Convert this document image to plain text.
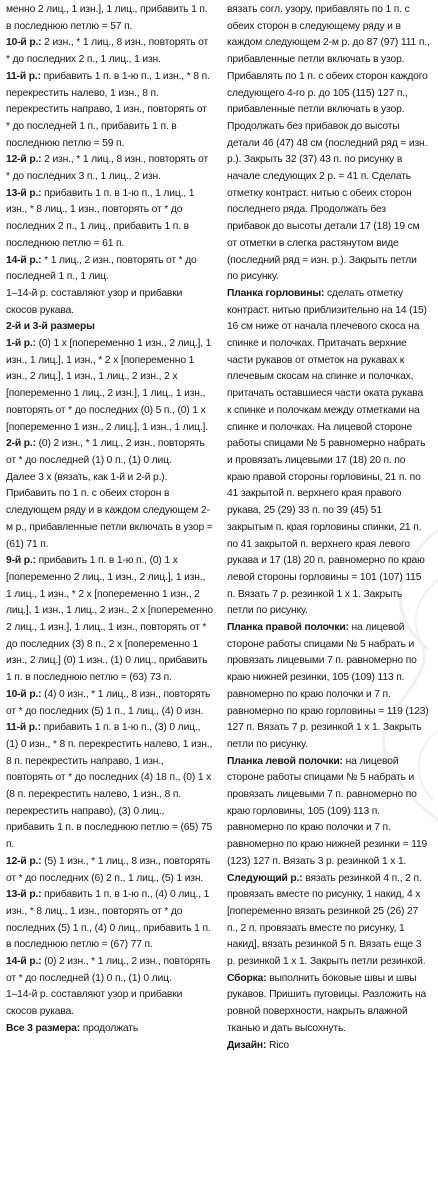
менно 2 лиц., 1 изн.], 1 лиц., прибавить 1 п. в последнюю петлю = 57 п.

10-й р.: 2 изн., * 1 лиц., 8 изн., повторять от * до последних 2 п., 1 лиц., 1 изн.

11-й р.: прибавить 1 п. в 1-ю п., 1 изн., * 8 п. перекрестить налево, 1 изн., 8 п. перекрестить направо, 1 изн., повторять от * до последней 1 п., прибавить 1 п. в последнюю петлю = 59 п.

12-й р.: 2 изн., * 1 лиц., 8 изн., повторять от * до последних 3 п., 1 лиц., 2 изн.

13-й р.: прибавить 1 п. в 1-ю п., 1 лиц., 1 изн., * 8 лиц., 1 изн., повторять от * до последних 2 п., 1 лиц., прибавить 1 п. в последнюю петлю = 61 п.

14-й р.: * 1 лиц., 2 изн., повторять от * до последней 1 п., 1 лиц.

1–14-й р. составляют узор и прибавки скосов рукава.

2-й и 3-й размеры

1-й р.: (0) 1 х [попеременно 1 изн., 2 лиц.], 1 изн., 1 лиц.], 1 изн., * 2 х [попеременно 1 изн., 2 лиц.], 1 изн., 1 лиц., 2 изн., 2 х [попеременно 1 лиц., 2 изн.], 1 лиц., 1 изн., повторять от * до последних (0) 5 п., (0) 1 х [попеременно 1 изн., 2 лиц.], 1 изн., 1 лиц.].

2-й р.: (0) 2 изн., * 1 лиц., 2 изн., повторять от * до последней (1) 0 п., (1) 0 лиц.

Далее 3 х (вязать, как 1-й и 2-й р.). Прибавить по 1 п. с обеих сторон в следующем ряду и в каждом следующем 2-м р., прибавленные петли включать в узор = (61) 71 п.

9-й р.: прибавить 1 п. в 1-ю п., (0) 1 х [попеременно 2 лиц., 1 изн., 2 лиц.], 1 изн., 1 лиц., 1 изн., * 2 х [попеременно 1 изн., 2 лиц.], 1 изн., 1 лиц., 2 изн., 2 х [попеременно 2 лиц., 1 изн.], 1 лиц., 1 изн., повторять от * до последних (3) 8 п., 2 х [попеременно 1 изн., 2 лиц.] (0) 1 изн., (1) 0 лиц., прибавить 1 п. в последнюю петлю = (63) 73 п.

10-й р.: (4) 0 изн., * 1 лиц., 8 изн., повторять от * до последних (5) 1 п., 1 лиц., (4) 0 изн.

11-й р.: прибавить 1 п. в 1-ю п., (3) 0 лиц., (1) 0 изн., * 8 п. перекрестить налево, 1 изн., 8 п. перекрестить направо, 1 изн., повторять от * до последних (4) 18 п., (0) 1 х (8 п. перекрестить налево, 1 изн., 8 п. перекрестить направо), (3) 0 лиц., прибавить 1 п. в последнюю петлю = (65) 75 п.

12-й р.: (5) 1 изн., * 1 лиц., 8 изн., повторять от * до последних (6) 2 п., 1 лиц., (5) 1 изн.

13-й р.: прибавить 1 п. в 1-ю п., (4) 0 лиц., 1 изн., * 8 лиц., 1 изн., повторять от * до последних (5) 1 п., (4) 0 лиц., прибавить 1 п. в последнюю петлю = (67) 77 п.

14-й р.: (0) 2 изн., * 1 лиц., 2 изн., повторять от * до последней (1) 0 п., (1) 0 лиц.

1–14-й р. составляют узор и прибавки скосов рукава.

Все 3 размера: продолжать

вязать согл. узору, прибавлять по 1 п. с обеих сторон в следующему ряду и в каждом следующем 2-м р. до 87 (97) 111 п., прибавленные петли включать в узор. Прибавлять по 1 п. с обеих сторон каждого следующего 4-го р. до 105 (115) 127 п., прибавленные петли включать в узор. Продолжать без прибавок до высоты детали 46 (47) 48 см (последний ряд = изн. р.). Закрыть 32 (37) 43 п. по рисунку в начале следующих 2 р. = 41 п. Сделать отметку контраст. нитью с обеих сторон последнего ряда. Продолжать без прибавок до высоты детали 17 (18) 19 см от отметки в слегка растянутом виде (последний ряд = изн. р.). Закрыть петли по рисунку.

Планка горловины: сделать отметку контраст. нитью приблизительно на 14 (15) 16 см ниже от начала плечевого скоса на спинке и полочках. Притачать верхние части рукавов от отметок на рукавах к плечевым скосам на спинке и полочках, притачать оставшиеся части оката рукава к спинке и полочкам между отметками на спинке и полочках. На лицевой стороне работы спицами № 5 равномерно набрать и провязать лицевыми 17 (18) 20 п. по краю правой стороны горловины, 21 п. по 41 закрытой п. верхнего края правого рукава, 25 (29) 33 п. по 39 (45) 51 закрытым п. края горловины спинки, 21 п. по 41 закрытой п. верхнего края левого рукава и 17 (18) 20 п. равномерно по краю левой стороны горловины = 101 (107) 115 п. Вязать 7 р. резинкой 1 х 1. Закрыть петли по рисунку.

Планка правой полочки: на лицевой стороне работы спицами № 5 набрать и провязать лицевыми 7 п. равномерно по краю нижней резинки, 105 (109) 113 п. равномерно по краю полочки и 7 п. равномерно по краю горловины = 119 (123) 127 п. Вязать 7 р. резинкой 1 х 1. Закрыть петли по рисунку.

Планка левой полочки: на лицевой стороне работы спицами № 5 набрать и провязать лицевыми 7 п. равномерно по краю горловины, 105 (109) 113 п. равномерно по краю полочки и 7 п. равномерно по краю нижней резинки = 119 (123) 127 п. Вязать 3 р. резинкой 1 х 1.

Следующий р.: вязать резинкой 4 п., 2 п. провязать вместе по рисунку, 1 накид, 4 х [попеременно вязать резинкой 25 (26) 27 п., 2 п. провязать вместе по рисунку, 1 накид], вязать резинкой 5 п. Вязать еще 3 р. резинкой 1 х 1. Закрыть петли резинкой.

Сборка: выполнить боковые швы и швы рукавов. Пришить пуговицы. Разложить на ровной поверхности, накрыть влажной тканью и дать высохнуть.

Дизайн: Rico
